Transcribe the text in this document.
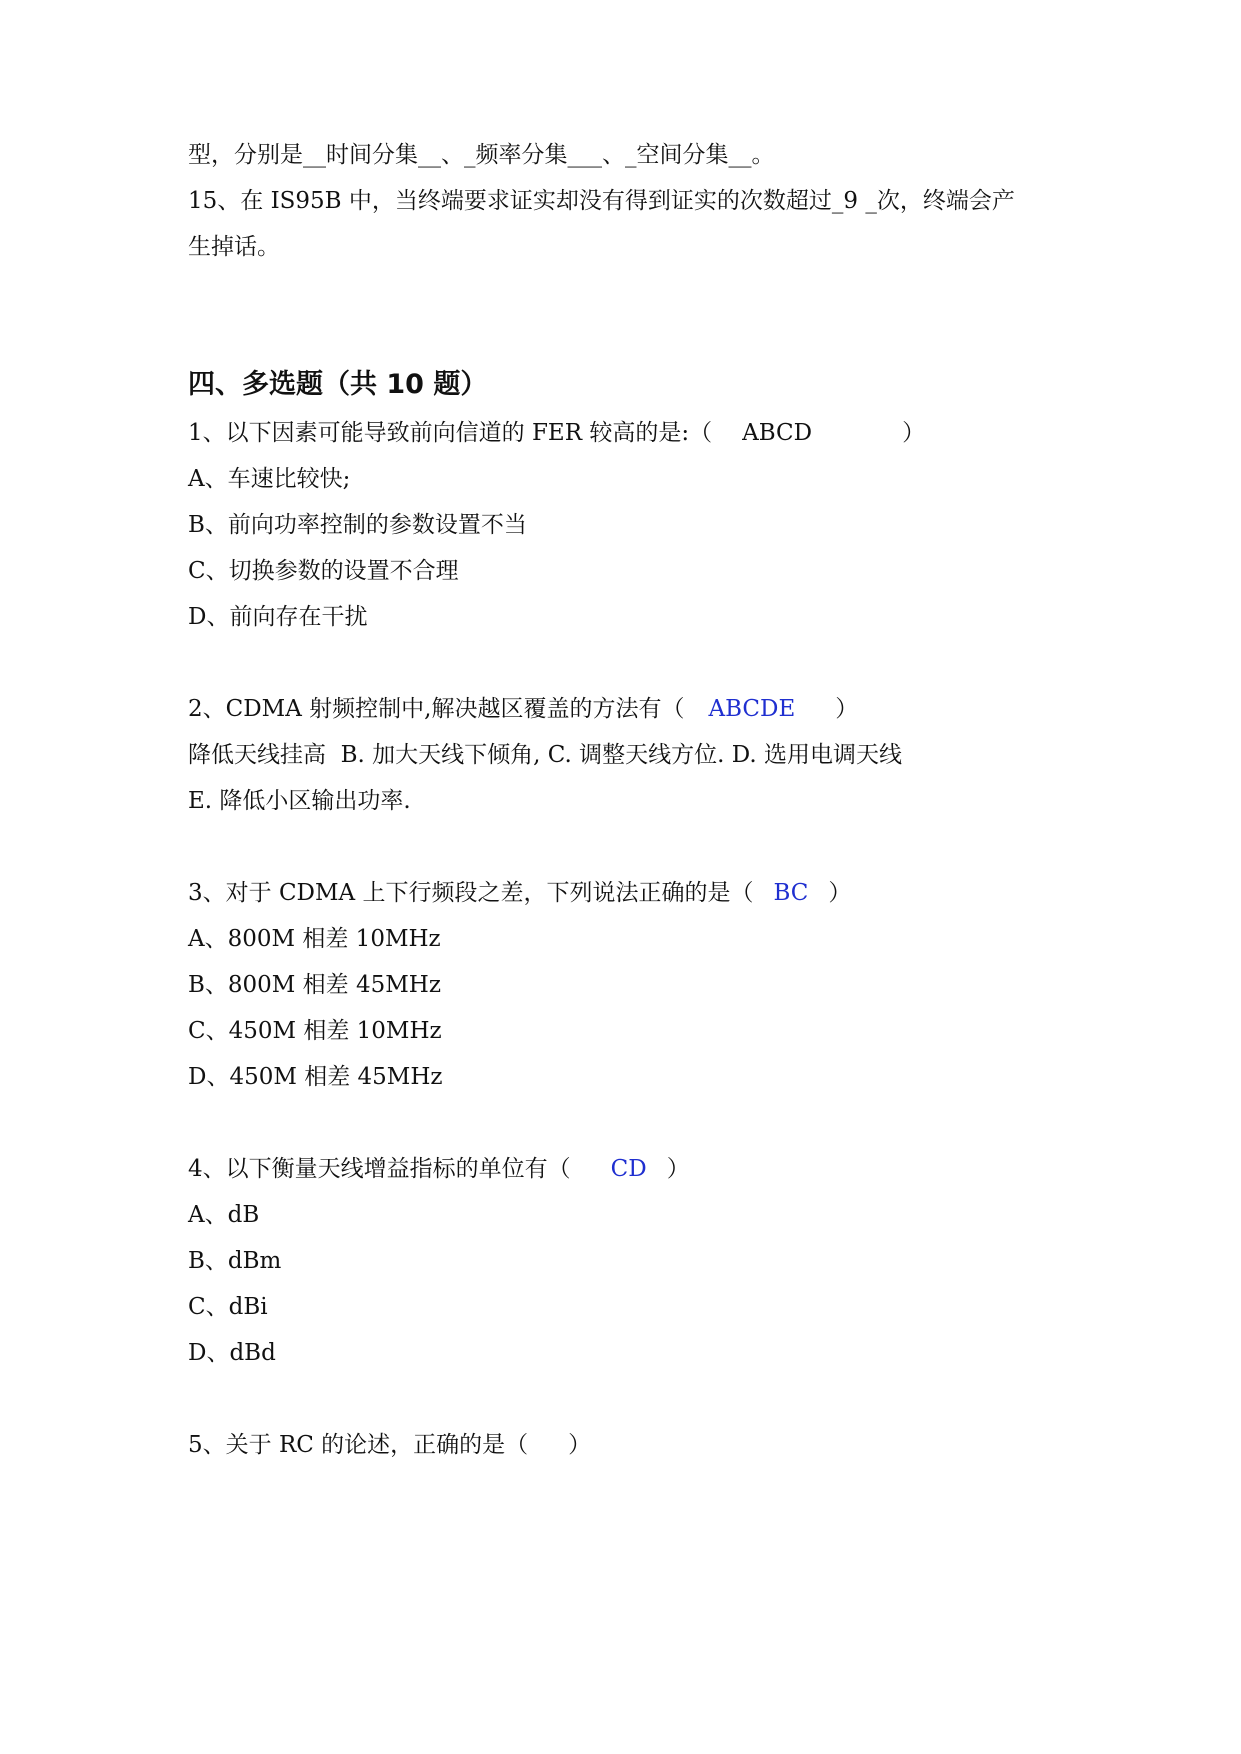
型，分别是__时间分集__、_频率分集___、_空间分集__。
15、在 IS95B 中，当终端要求证实却没有得到证实的次数超过_9 _次，终端会产
生掉话。
四、多选题（共 10 题）
1、以下因素可能导致前向信道的 FER 较高的是:（ ABCD	）
A、车速比较快;
B、前向功率控制的参数设置不当
C、切换参数的设置不合理
D、前向存在干扰
2、CDMA 射频控制中,解决越区覆盖的方法有（ ABCDE ）
降低天线挂高  B. 加大天线下倾角, C. 调整天线方位. D. 选用电调天线
E. 降低小区输出功率.
3、对于 CDMA 上下行频段之差，下列说法正确的是（ BC ）
A、800M 相差 10MHz
B、800M 相差 45MHz
C、450M 相差 10MHz
D、450M 相差 45MHz
4、以下衡量天线增益指标的单位有（ CD ）
A、dB
B、dBm
C、dBi
D、dBd
5、关于 RC 的论述，正确的是（ ）
